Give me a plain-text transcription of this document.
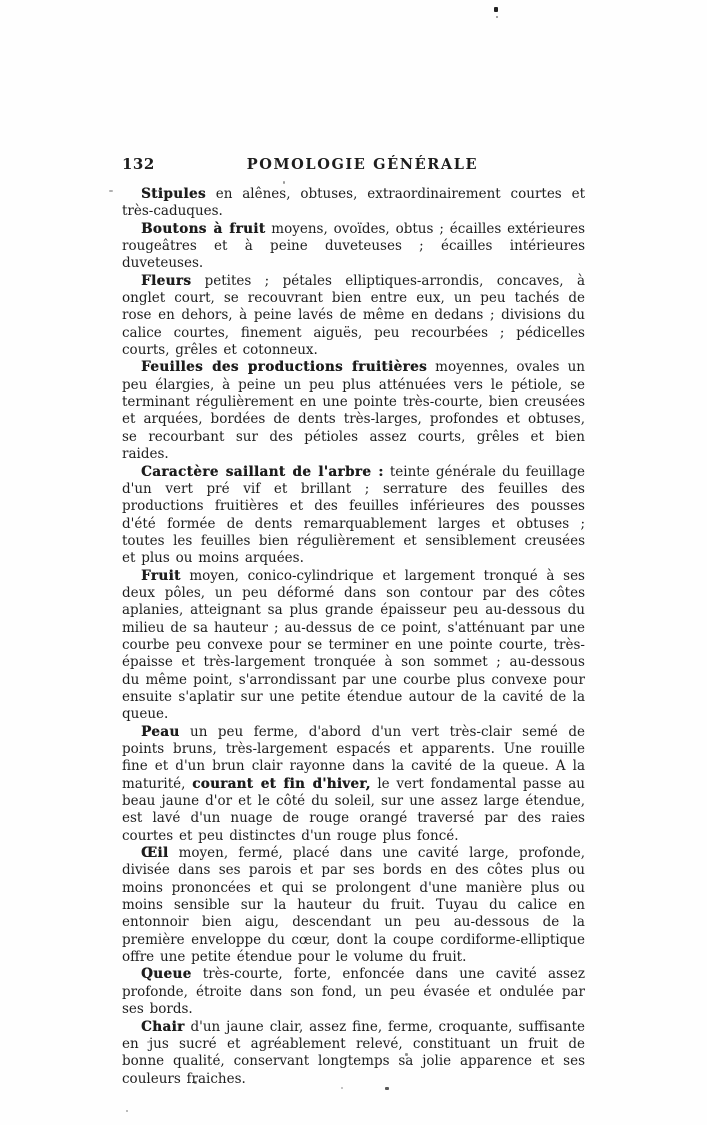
132	POMOLOGIE GÉNÉRALE

Stipules en alênes, obtuses, extraordinairement courtes et très-caduques.

Boutons à fruit moyens, ovoïdes, obtus ; écailles extérieures rougeâtres et à peine duveteuses ; écailles intérieures duveteuses.

Fleurs petites ; pétales elliptiques-arrondis, concaves, à onglet court, se recouvrant bien entre eux, un peu tachés de rose en dehors, à peine lavés de même en dedans ; divisions du calice courtes, finement aiguës, peu recourbées ; pédicelles courts, grêles et cotonneux.

Feuilles des productions fruitières moyennes, ovales un peu élargies, à peine un peu plus atténuées vers le pétiole, se terminant régulièrement en une pointe très-courte, bien creusées et arquées, bordées de dents très-larges, profondes et obtuses, se recourbant sur des pétioles assez courts, grêles et bien raides.

Caractère saillant de l'arbre : teinte générale du feuillage d'un vert pré vif et brillant ; serrature des feuilles des productions fruitières et des feuilles inférieures des pousses d'été formée de dents remarquablement larges et obtuses ; toutes les feuilles bien régulièrement et sensiblement creusées et plus ou moins arquées.

Fruit moyen, conico-cylindrique et largement tronqué à ses deux pôles, un peu déformé dans son contour par des côtes aplanies, atteignant sa plus grande épaisseur peu au-dessous du milieu de sa hauteur ; au-dessus de ce point, s'atténuant par une courbe peu convexe pour se terminer en une pointe courte, très-épaisse et très-largement tronquée à son sommet ; au-dessous du même point, s'arrondissant par une courbe plus convexe pour ensuite s'aplatir sur une petite étendue autour de la cavité de la queue.

Peau un peu ferme, d'abord d'un vert très-clair semé de points bruns, très-largement espacés et apparents. Une rouille fine et d'un brun clair rayonne dans la cavité de la queue. A la maturité, courant et fin d'hiver, le vert fondamental passe au beau jaune d'or et le côté du soleil, sur une assez large étendue, est lavé d'un nuage de rouge orangé traversé par des raies courtes et peu distinctes d'un rouge plus foncé.

Œil moyen, fermé, placé dans une cavité large, profonde, divisée dans ses parois et par ses bords en des côtes plus ou moins prononcées et qui se prolongent d'une manière plus ou moins sensible sur la hauteur du fruit. Tuyau du calice en entonnoir bien aigu, descendant un peu au-dessous de la première enveloppe du cœur, dont la coupe cordiforme-elliptique offre une petite étendue pour le volume du fruit.

Queue très-courte, forte, enfoncée dans une cavité assez profonde, étroite dans son fond, un peu évasée et ondulée par ses bords.

Chair d'un jaune clair, assez fine, ferme, croquante, suffisante en jus sucré et agréablement relevé, constituant un fruit de bonne qualité, conservant longtemps sa jolie apparence et ses couleurs fraiches.
